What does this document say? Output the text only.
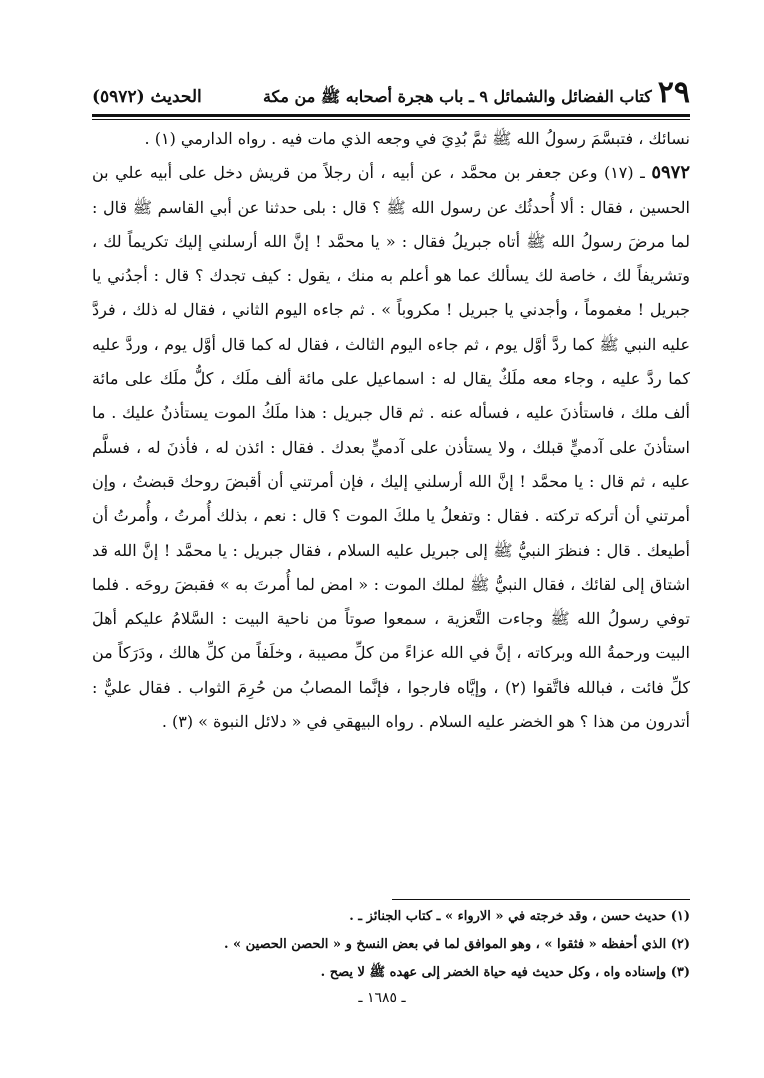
٢٩
كتاب الفضائل والشمائل ٩ ـ باب هجرة أصحابه ﷺ من مكة
الحديث (٥٩٧٢)

نسائك ، فتبسَّمَ رسولُ الله ﷺ ثمَّ بُدِيَ في وجعه الذي مات فيه . رواه الدارمي (١) .

٥٩٧٢ ـ (١٧) وعن جعفر بن محمَّد ، عن أبيه ، أن رجلاً من قريش دخل على أبيه علي بن الحسين ، فقال : ألا أُحدثُك عن رسول الله ﷺ ؟ قال : بلى حدثنا عن أبي القاسم ﷺ قال : لما مرضَ رسولُ الله ﷺ أتاه جبريلُ فقال : « يا محمَّد ! إنَّ الله أرسلني إليك تكريماً لك ، وتشريفاً لك ، خاصة لك يسألك عما هو أعلم به منك ، يقول : كيف تجدك ؟ قال : أجدُني يا جبريل ! مغموماً ، وأجدني يا جبريل ! مكروباً » . ثم جاءه اليوم الثاني ، فقال له ذلك ، فردَّ عليه النبي ﷺ كما ردَّ أوَّل يوم ، ثم جاءه اليوم الثالث ، فقال له كما قال أوَّل يوم ، وردَّ عليه كما ردَّ عليه ، وجاء معه ملَكٌ يقال له : اسماعيل على مائة ألف ملَك ، كلُّ ملَك على مائة ألف ملك ، فاستأذنَ عليه ، فسأله عنه . ثم قال جبريل : هذا ملَكُ الموت يستأذنُ عليك . ما استأذنَ على آدميٍّ قبلك ، ولا يستأذن على آدميٍّ بعدك . فقال : ائذن له ، فأذنَ له ، فسلَّم عليه ، ثم قال : يا محمَّد ! إنَّ الله أرسلني إليك ، فإن أمرتني أن أقبضَ روحك قبضتُ ، وإن أمرتني أن أتركه تركته . فقال : وتفعلُ يا ملكَ الموت ؟ قال : نعم ، بذلك أُمرتُ ، وأُمرتُ أن أطيعك . قال : فنظرَ النبيُّ ﷺ إلى جبريل عليه السلام ، فقال جبريل : يا محمَّد ! إنَّ الله قد اشتاق إلى لقائك ، فقال النبيُّ ﷺ لملك الموت : « امض لما أُمرتَ به » فقبضَ روحَه . فلما توفي رسولُ الله ﷺ وجاءت التَّعزية ، سمعوا صوتاً من ناحية البيت : السَّلامُ عليكم أهلَ البيت ورحمةُ الله وبركاته ، إنَّ في الله عزاءً من كلِّ مصيبة ، وخلَفاً من كلِّ هالك ، ودَرَكاً من كلِّ فائت ، فبالله فاتَّقوا (٢) ، وإيَّاه فارجوا ، فإنَّما المصابُ من حُرِمَ الثواب . فقال عليٌّ : أتدرون من هذا ؟ هو الخضر عليه السلام . رواه البيهقي في « دلائل النبوة » (٣) .

(١) حديث حسن ، وقد خرجته في « الارواء » ـ كتاب الجنائز ـ .
(٢) الذي أحفظه « فثقوا » ، وهو الموافق لما في بعض النسخ و « الحصن الحصين » .
(٣) وإسناده واه ، وكل حديث فيه حياة الخضر إلى عهده ﷺ لا يصح .
ـ ١٦٨٥ ـ
